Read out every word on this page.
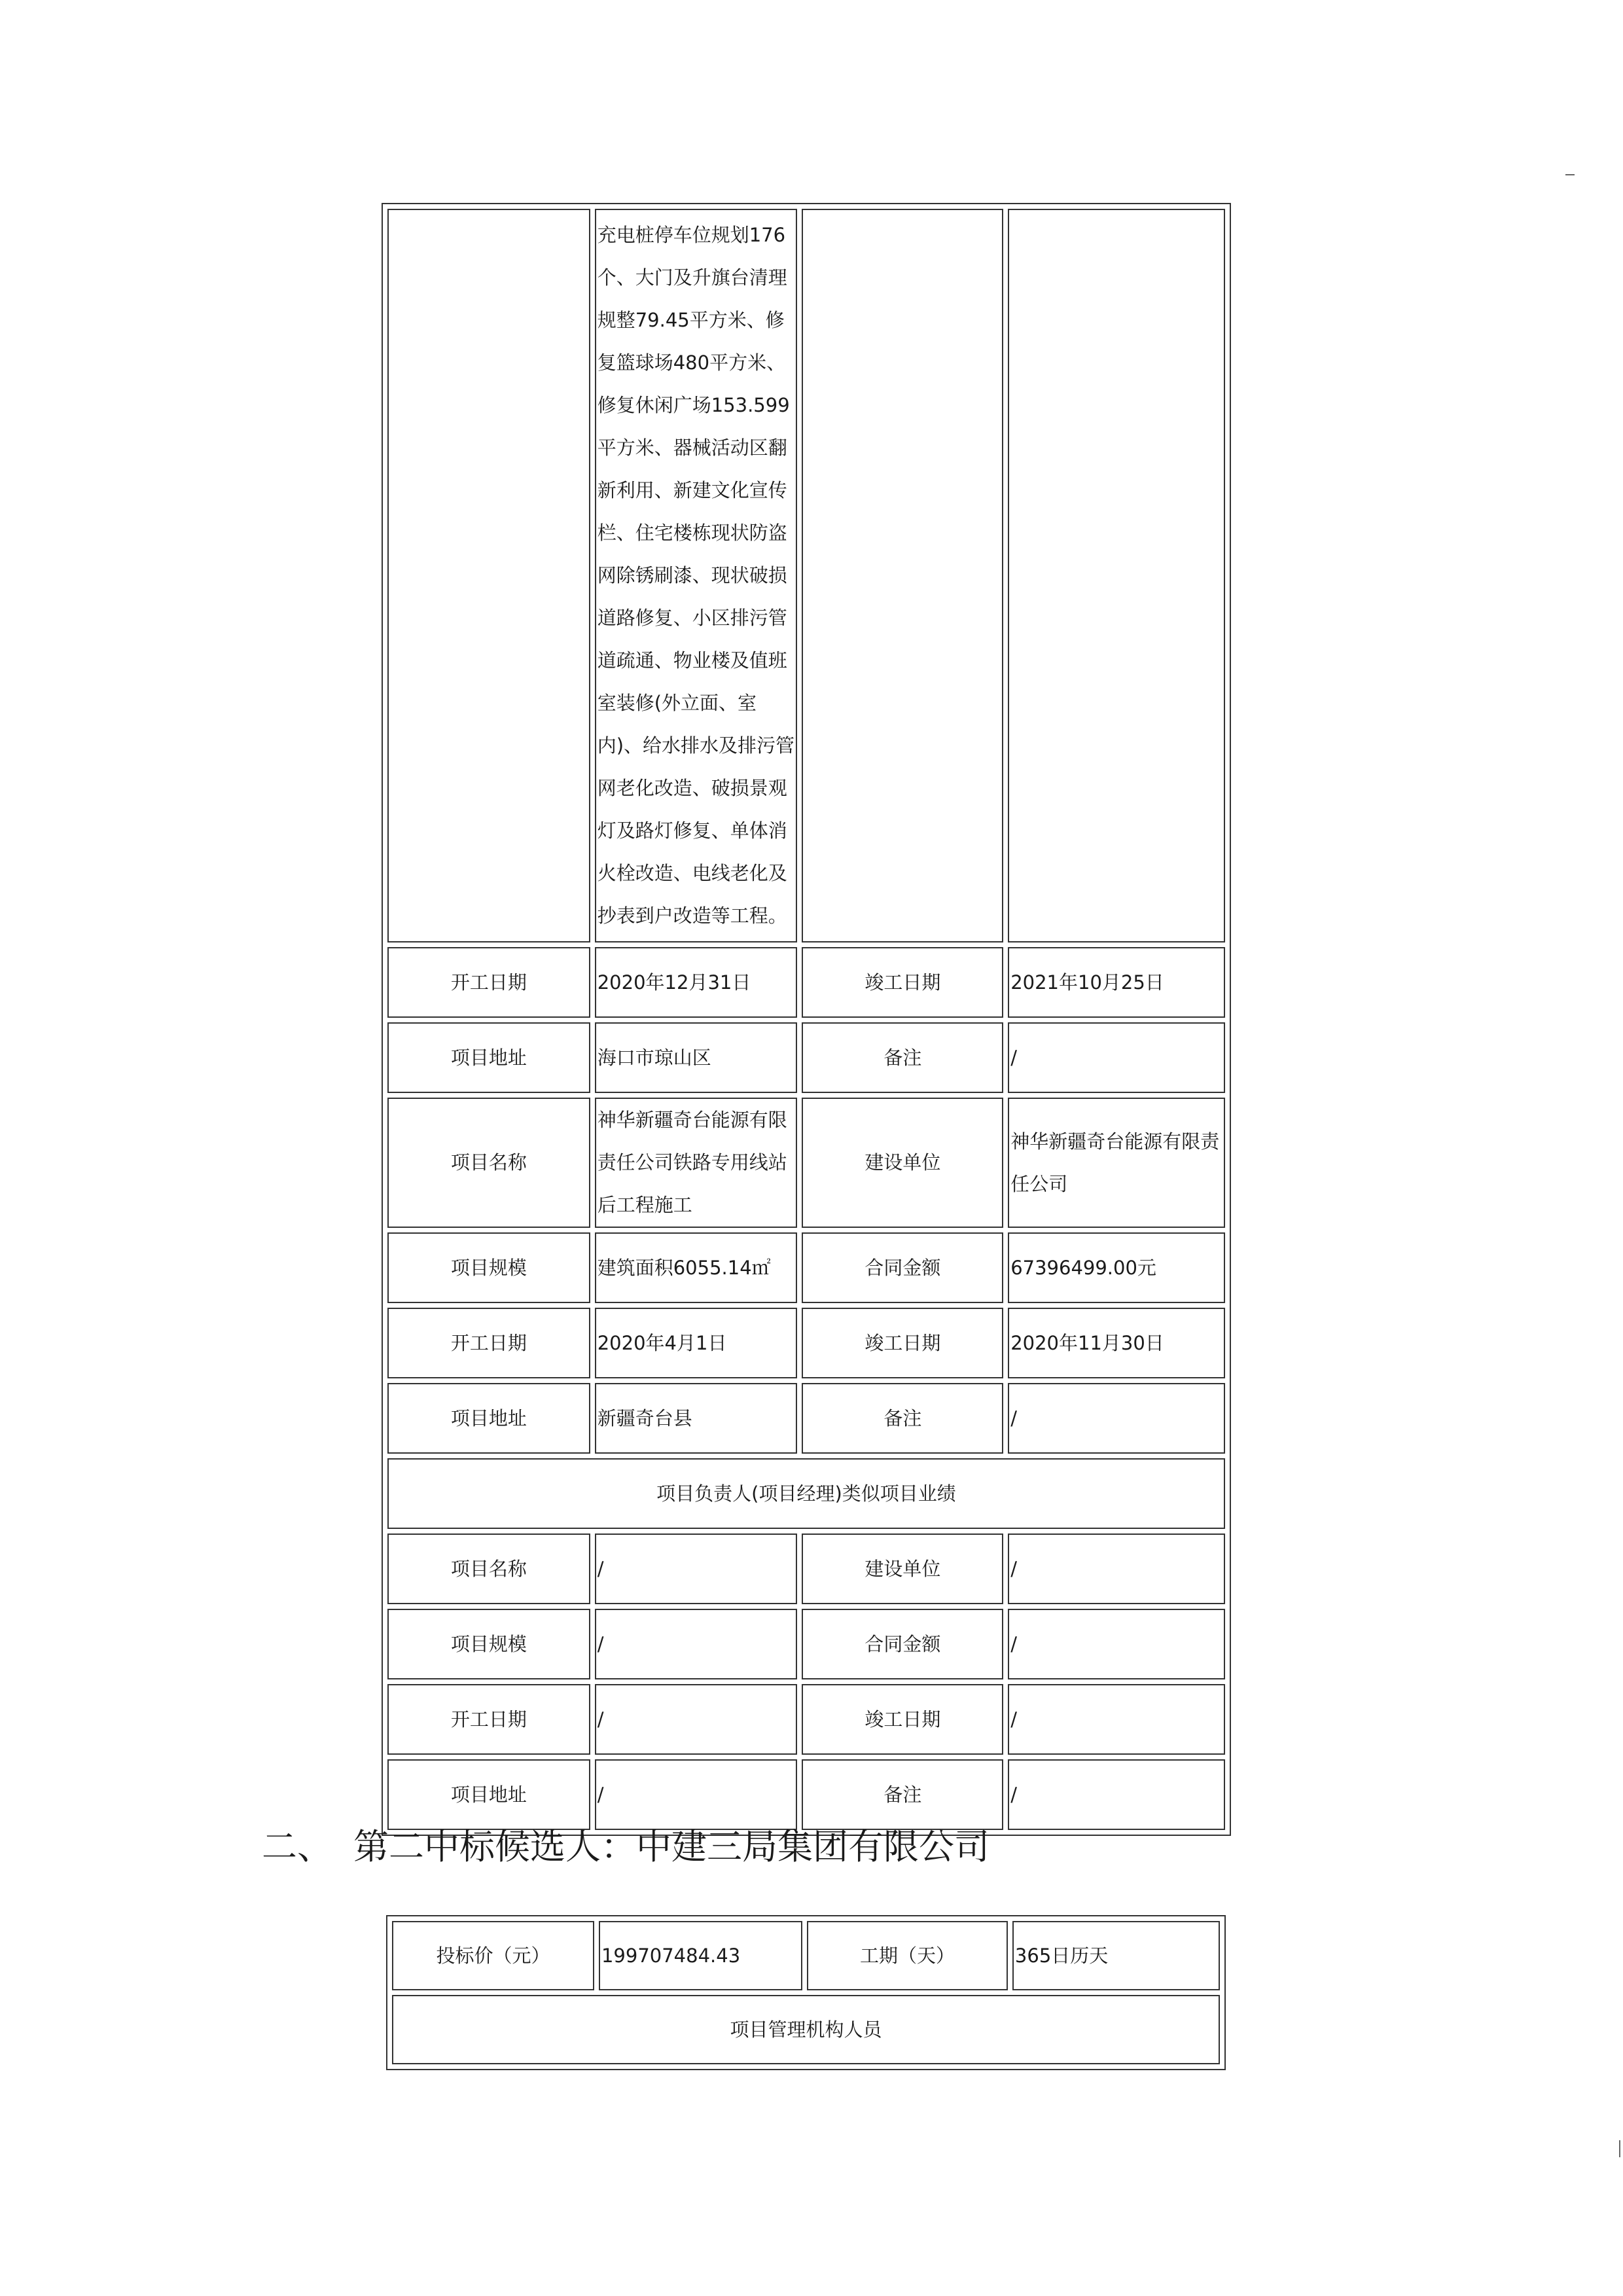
	充电桩停车位规划176个、大门及升旗台清理规整79.45平方米、修复篮球场480平方米、修复休闲广场153.599平方米、器械活动区翻新利用、新建文化宣传栏、住宅楼栋现状防盗网除锈刷漆、现状破损道路修复、小区排污管道疏通、物业楼及值班室装修(外立面、室内)、给水排水及排污管网老化改造、破损景观灯及路灯修复、单体消火栓改造、电线老化及抄表到户改造等工程。		

开工日期	2020年12月31日	竣工日期	2021年10月25日
项目地址	海口市琼山区	备注	/
项目名称	神华新疆奇台能源有限责任公司铁路专用线站后工程施工	建设单位	神华新疆奇台能源有限责任公司
项目规模	建筑面积6055.14㎡	合同金额	67396499.00元
开工日期	2020年4月1日	竣工日期	2020年11月30日
项目地址	新疆奇台县	备注	/
项目负责人(项目经理)类似项目业绩			
项目名称	/	建设单位	/
项目规模	/	合同金额	/
开工日期	/	竣工日期	/
项目地址	/	备注	/
二、 第二中标候选人：中建三局集团有限公司
投标价（元）	199707484.43	工期（天）	365日历天
项目管理机构人员
